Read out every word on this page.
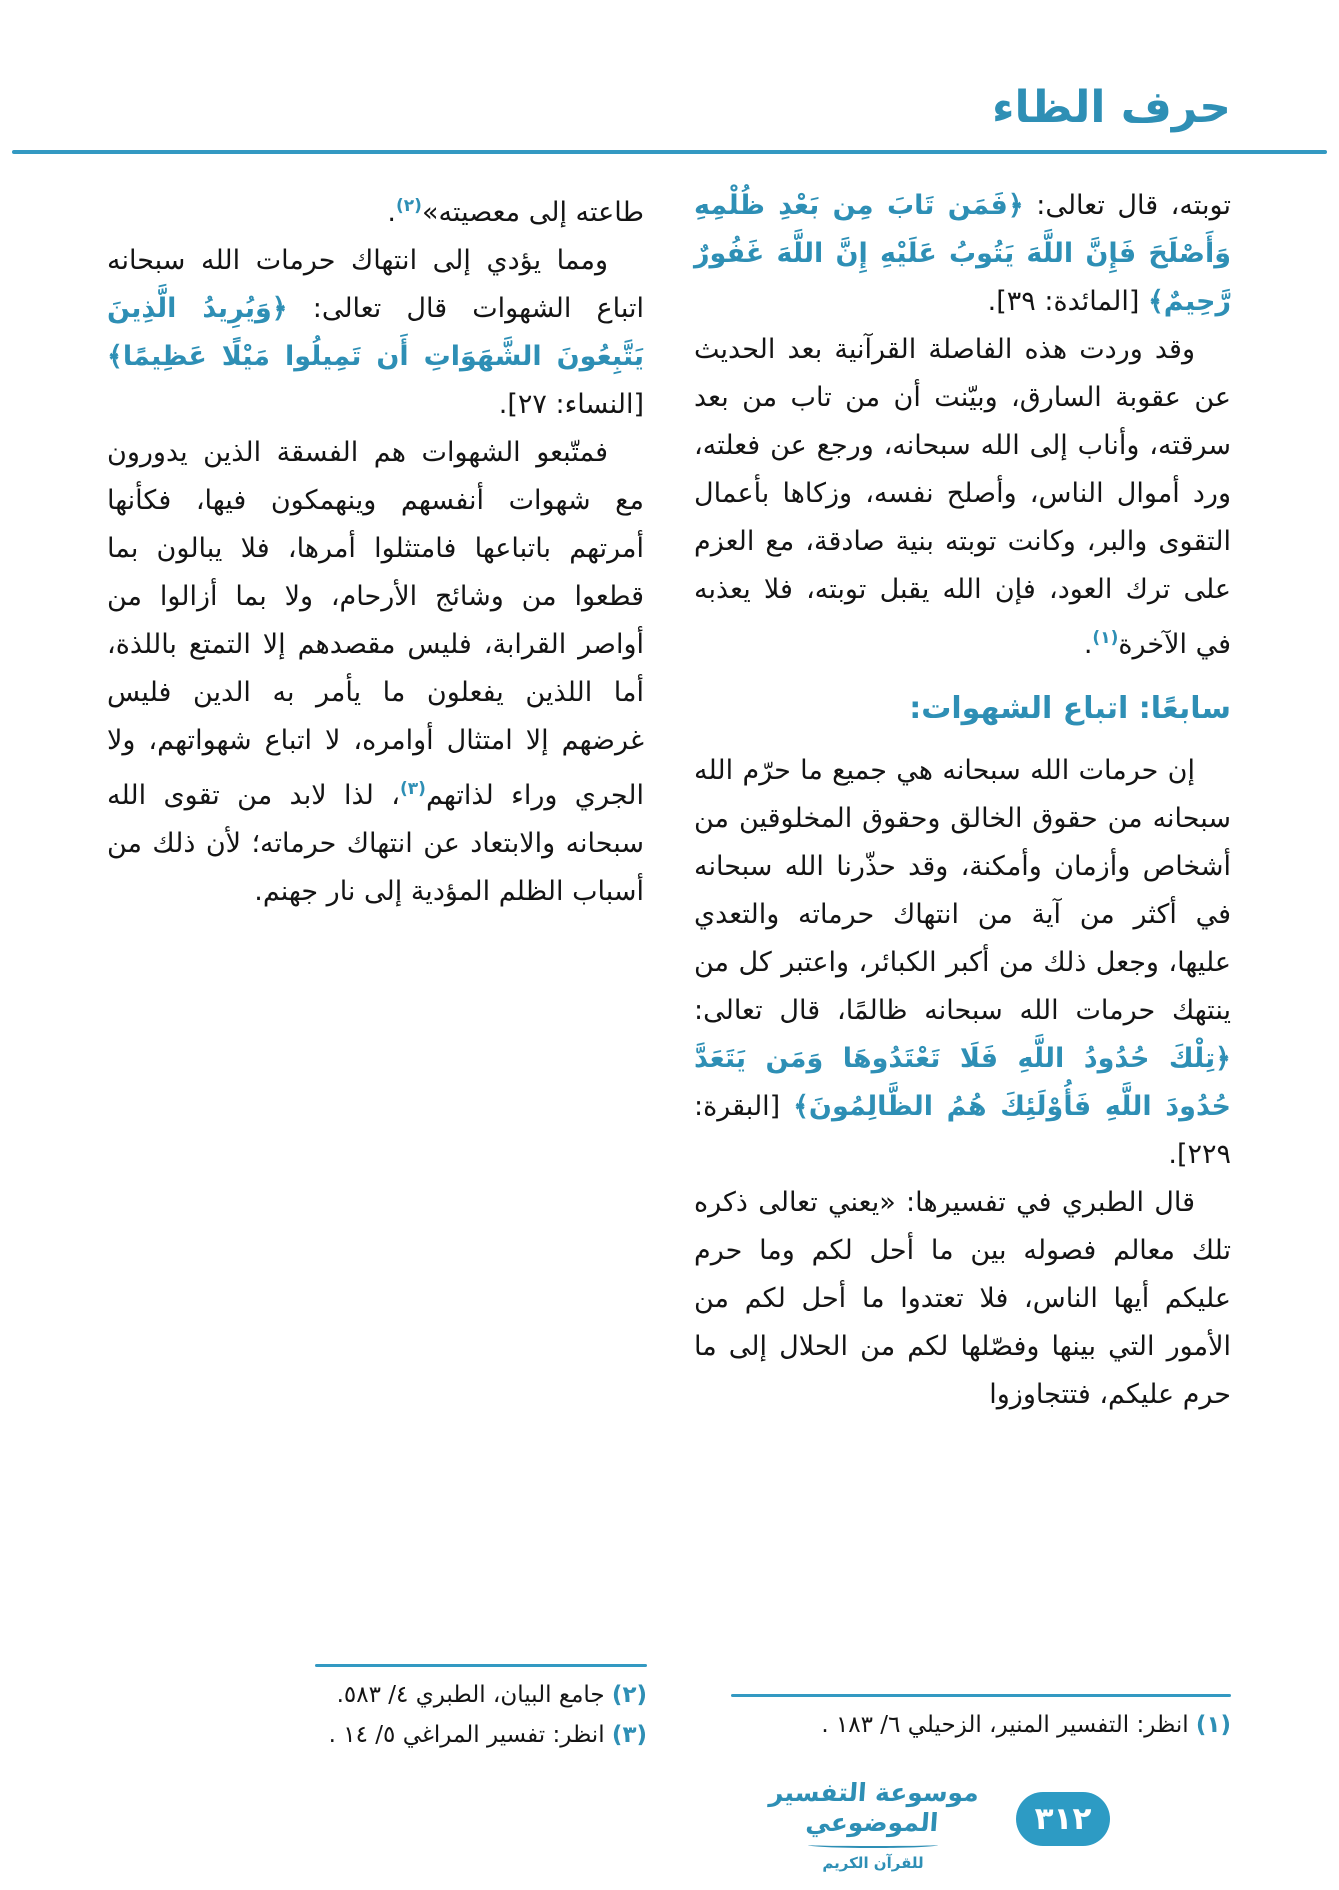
حرف الظاء

توبته، قال تعالى: ﴿فَمَن تَابَ مِن بَعْدِ ظُلْمِهِ وَأَصْلَحَ فَإِنَّ اللَّهَ يَتُوبُ عَلَيْهِ إِنَّ اللَّهَ غَفُورٌ رَّحِيمٌ﴾ [المائدة: ٣٩].

وقد وردت هذه الفاصلة القرآنية بعد الحديث عن عقوبة السارق، وبيّنت أن من تاب من بعد سرقته، وأناب إلى الله سبحانه، ورجع عن فعلته، ورد أموال الناس، وأصلح نفسه، وزكاها بأعمال التقوى والبر، وكانت توبته بنية صادقة، مع العزم على ترك العود، فإن الله يقبل توبته، فلا يعذبه في الآخرة$^{(١)}$.

سابعًا: اتباع الشهوات:

إن حرمات الله سبحانه هي جميع ما حرّم الله سبحانه من حقوق الخالق وحقوق المخلوقين من أشخاص وأزمان وأمكنة، وقد حذّرنا الله سبحانه في أكثر من آية من انتهاك حرماته والتعدي عليها، وجعل ذلك من أكبر الكبائر، واعتبر كل من ينتهك حرمات الله سبحانه ظالمًا، قال تعالى: ﴿تِلْكَ حُدُودُ اللَّهِ فَلَا تَعْتَدُوهَا وَمَن يَتَعَدَّ حُدُودَ اللَّهِ فَأُوْلَئِكَ هُمُ الظَّالِمُونَ﴾ [البقرة: ٢٢٩].

قال الطبري في تفسيرها: «يعني تعالى ذكره تلك معالم فصوله بين ما أحل لكم وما حرم عليكم أيها الناس، فلا تعتدوا ما أحل لكم من الأمور التي بينها وفصّلها لكم من الحلال إلى ما حرم عليكم، فتتجاوزوا

طاعته إلى معصيته»$^{(٢)}$.

ومما يؤدي إلى انتهاك حرمات الله سبحانه اتباع الشهوات قال تعالى: ﴿وَيُرِيدُ الَّذِينَ يَتَّبِعُونَ الشَّهَوَاتِ أَن تَمِيلُوا مَيْلًا عَظِيمًا﴾ [النساء: ٢٧].

فمتّبعو الشهوات هم الفسقة الذين يدورون مع شهوات أنفسهم وينهمكون فيها، فكأنها أمرتهم باتباعها فامتثلوا أمرها، فلا يبالون بما قطعوا من وشائج الأرحام، ولا بما أزالوا من أواصر القرابة، فليس مقصدهم إلا التمتع باللذة، أما اللذين يفعلون ما يأمر به الدين فليس غرضهم إلا امتثال أوامره، لا اتباع شهواتهم، ولا الجري وراء لذاتهم$^{(٣)}$، لذا لابد من تقوى الله سبحانه والابتعاد عن انتهاك حرماته؛ لأن ذلك من أسباب الظلم المؤدية إلى نار جهنم.

(٢) جامع البيان، الطبري ٤/ ٥٨٣.
(٣) انظر: تفسير المراغي ٥/ ١٤ .	(١) انظر: التفسير المنير، الزحيلي ٦/ ١٨٣ .
موسوعة التفسير الموضوعي
للقرآن الكريم
٣١٢
